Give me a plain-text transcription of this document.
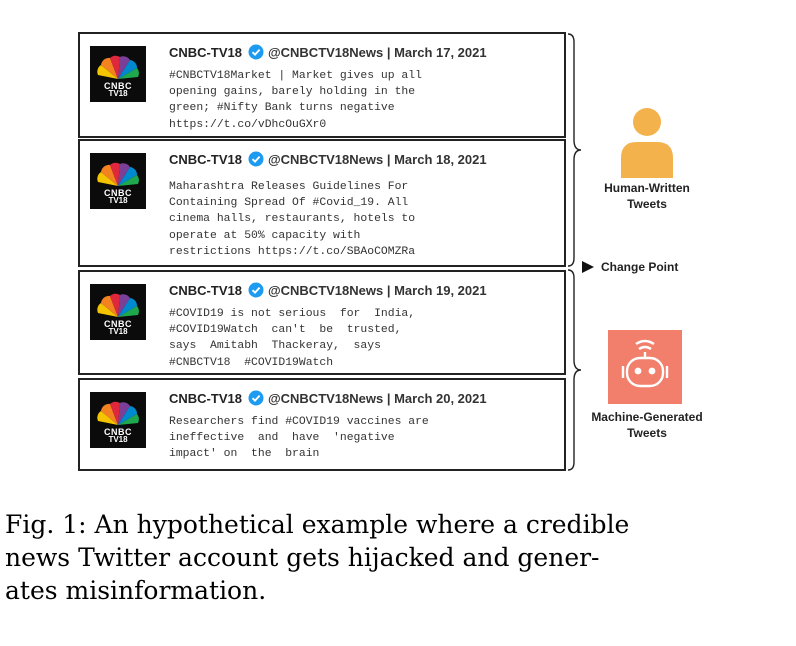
CNBC
TV18
CNBC-TV18 @CNBCTV18News | March 17, 2021
#CNBCTV18Market | Market gives up all
opening gains, barely holding in the
green; #Nifty Bank turns negative
https://t.co/vDhcOuGXr0
CNBC
TV18
CNBC-TV18 @CNBCTV18News | March 18, 2021
Maharashtra Releases Guidelines For
Containing Spread Of #Covid_19. All
cinema halls, restaurants, hotels to
operate at 50% capacity with
restrictions https://t.co/SBAoCOMZRa
CNBC
TV18
CNBC-TV18 @CNBCTV18News | March 19, 2021
#COVID19 is not serious  for  India,
#COVID19Watch  can't  be  trusted,
says  Amitabh  Thackeray,  says
#CNBCTV18  #COVID19Watch
CNBC
TV18
CNBC-TV18 @CNBCTV18News | March 20, 2021
Researchers find #COVID19 vaccines are
ineffective  and  have  'negative
impact' on  the  brain
Human-Written
Tweets
Change Point
Machine-Generated
Tweets
Fig. 1: An hypothetical example where a credible
news Twitter account gets hijacked and gener-
ates misinformation.
